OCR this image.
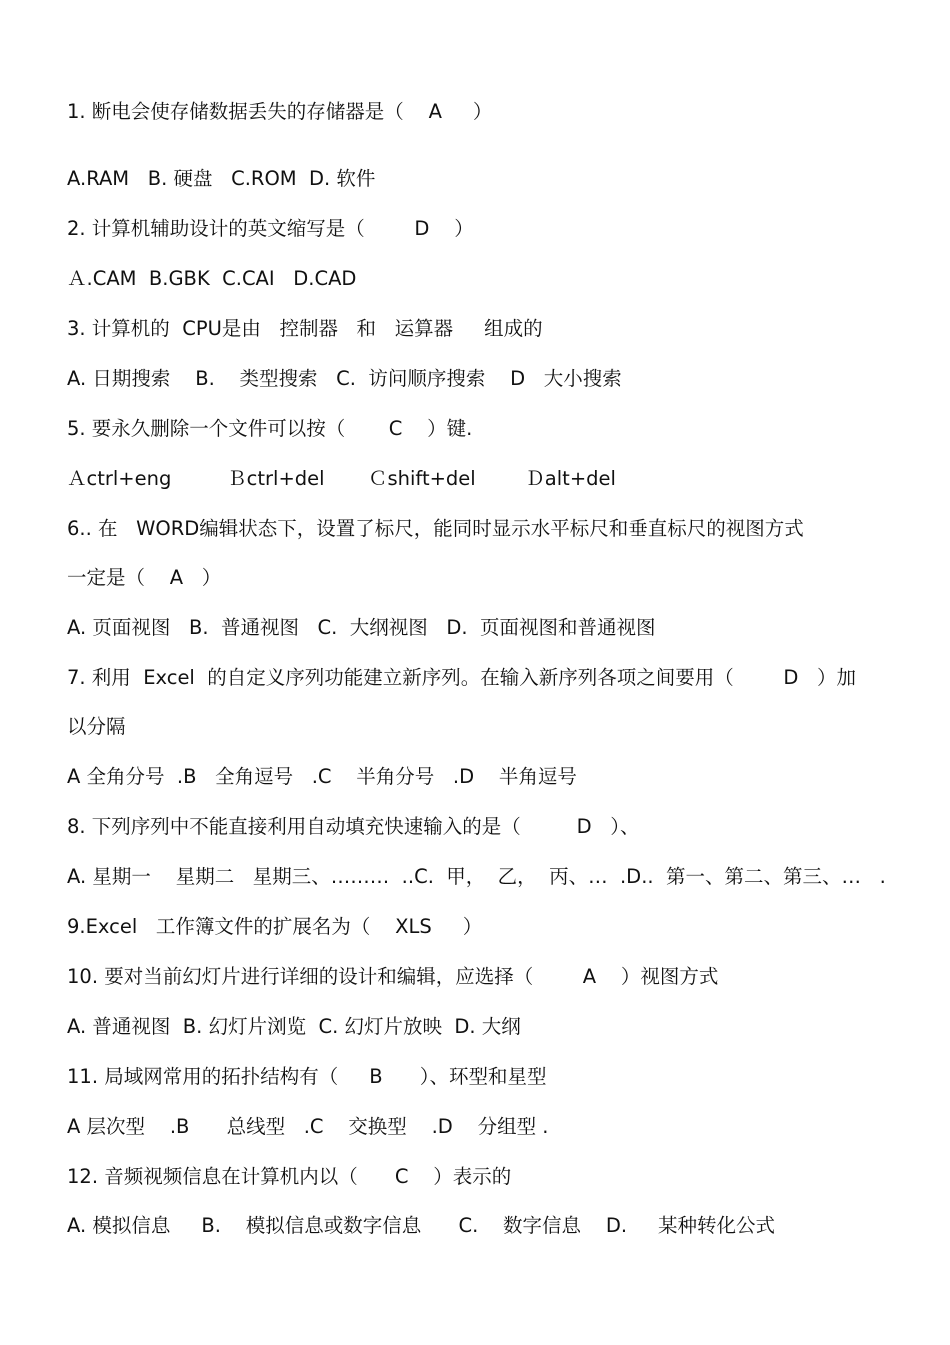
1. 断电会使存储数据丢失的存储器是（    A     ）
A.RAM   B. 硬盘   C.ROM  D. 软件
2. 计算机辅助设计的英文缩写是（        D    ）
Ａ.CAM  B.GBK  C.CAI   D.CAD
3. 计算机的  CPU是由   控制器   和   运算器     组成的
A. 日期搜索    B.    类型搜索   C.  访问顺序搜索    D   大小搜索
5. 要永久删除一个文件可以按（       C    ）键.
Ａctrl+eng         Ｂctrl+del       Ｃshift+del        Ｄalt+del
6.. 在   WORD编辑状态下，设置了标尺，能同时显示水平标尺和垂直标尺的视图方式
一定是（    A   ）
A. 页面视图   B.  普通视图   C.  大纲视图   D.  页面视图和普通视图
7. 利用  Excel  的自定义序列功能建立新序列。在输入新序列各项之间要用（        D   ）加
以分隔
A 全角分号  .B   全角逗号   .C    半角分号   .D    半角逗号
8. 下列序列中不能直接利用自动填充快速输入的是（         D   ）、
A. 星期一    星期二   星期三、………  ..C.  甲，  乙，  丙、…  .D..  第一、第二、第三、…   .
9.Excel   工作簿文件的扩展名为（    XLS     ）
10. 要对当前幻灯片进行详细的设计和编辑，应选择（        A    ）视图方式
A. 普通视图  B. 幻灯片浏览  C. 幻灯片放映  D. 大纲
11. 局域网常用的拓扑结构有（     B      ）、环型和星型
A 层次型    .B      总线型   .C    交换型    .D    分组型 .
12. 音频视频信息在计算机内以（      C    ）表示的
A. 模拟信息     B.    模拟信息或数字信息      C.    数字信息    D.     某种转化公式
